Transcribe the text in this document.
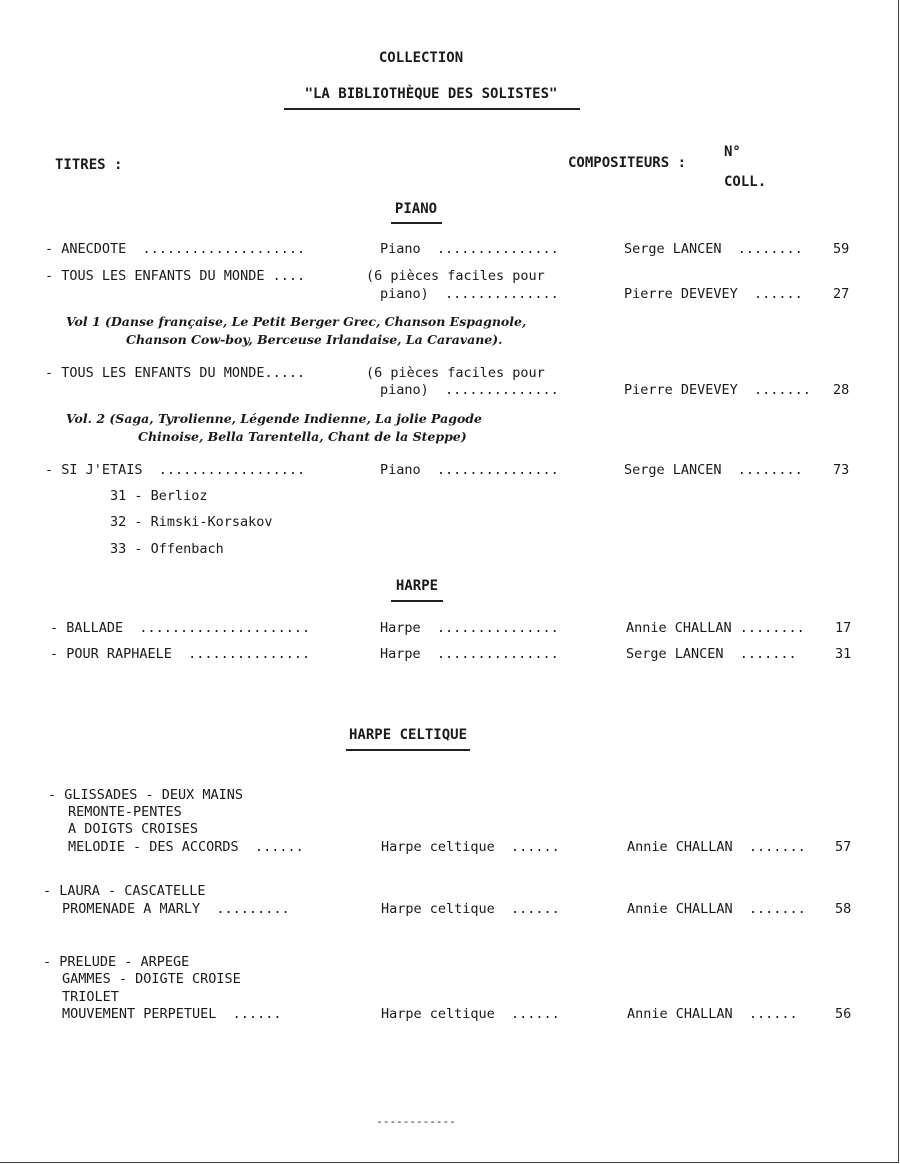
COLLECTION
"LA BIBLIOTHÈQUE DES SOLISTES"
TITRES :	COMPOSITEURS :
N°
COLL.
PIANO
- ANECDOTE  ....................	Piano  ...............	Serge LANCEN  ........ 59
- TOUS LES ENFANTS DU MONDE ....	(6 pièces faciles pour
piano)  ..............	Pierre DEVEVEY  ...... 27
Vol 1 (Danse française, Le Petit Berger Grec, Chanson Espagnole,
Chanson Cow-boy, Berceuse Irlandaise, La Caravane).
- TOUS LES ENFANTS DU MONDE.....	(6 pièces faciles pour
piano)  ..............	Pierre DEVEVEY  ....... 28
Vol. 2 (Saga, Tyrolienne, Légende Indienne, La jolie Pagode
Chinoise, Bella Tarentella, Chant de la Steppe)
- SI J'ETAIS  ..................	Piano  ...............	Serge LANCEN  ........ 73
31 - Berlioz
32 - Rimski-Korsakov
33 - Offenbach
HARPE
- BALLADE  .....................	Harpe  ...............	Annie CHALLAN ........ 17
- POUR RAPHAELE  ...............	Harpe  ...............	Serge LANCEN  .......	31
HARPE CELTIQUE
- GLISSADES - DEUX MAINS
REMONTE-PENTES
A DOIGTS CROISES
MELODIE - DES ACCORDS  ......	Harpe celtique  ......	Annie CHALLAN  ....... 57
- LAURA - CASCATELLE
PROMENADE A MARLY  .........	Harpe celtique  ......	Annie CHALLAN  ....... 58
- PRELUDE - ARPEGE
GAMMES - DOIGTE CROISE
TRIOLET
MOUVEMENT PERPETUEL  ......	Harpe celtique  ......	Annie CHALLAN  ......	56
------------
